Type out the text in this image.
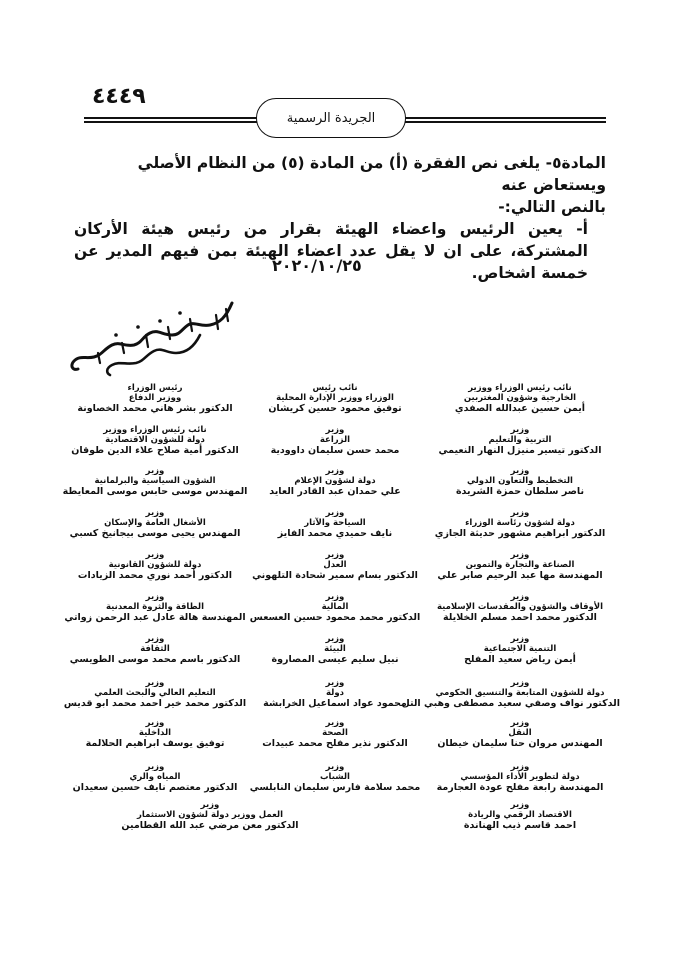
٤٤٤٩
الجريدة الرسمية

المادة٥- يلغى نص الفقرة (أ) من المادة (٥) من النظام الأصلي ويستعاض عنه

بالنص التالي:-

أ- يعين الرئيس واعضاء الهيئة بقرار من رئيس هيئة الأركان المشتركة، على ان لا يقل عدد اعضاء الهيئة بمن فيهم المدير عن خمسة اشخاص.

٢٠٢٠/١٠/٢٥
نائب رئيس الوزراء ووزير
الخارجية وشؤون المغتربين
أيمن حسين عبدالله الصفدي
نائب رئيس
الوزراء ووزير الإدارة المحلية
توفيق محمود حسين كريشان
رئيس الوزراء
ووزير الدفاع
الدكتور بشر هاني محمد الخصاونة
وزير
التربية والتعليم
الدكتور تيسير منيزل النهار النعيمي
وزير
الزراعة
محمد حسن سليمان داوودية
نائب رئيس الوزراء ووزير
دولة للشؤون الاقتصادية
الدكتور أمية صلاح علاء الدين طوقان
وزير
التخطيط والتعاون الدولي
ناصر سلطان حمزة الشريدة
وزير
دولة لشؤون الإعلام
علي حمدان عبد القادر العايد
وزير
الشؤون السياسية والبرلمانية
المهندس موسى حابس موسى المعايطة
وزير
دولة لشؤون رئاسة الوزراء
الدكتور ابراهيم مشهور حديثة الجازي
وزير
السياحة والآثار
نايف حميدي محمد الفايز
وزير
الأشغال العامة والإسكان
المهندس يحيى موسى بيجانيخ كسبي
وزير
الصناعة والتجارة والتموين
المهندسة مها عبد الرحيم صابر علي
وزير
العدل
الدكتور بسام سمير شحادة التلهوني
وزير
دولة للشؤون القانونية
الدكتور أحمد نوري محمد الزيادات
وزير
الأوقاف والشؤون والمقدسات الإسلامية
الدكتور محمد احمد مسلم الخلايلة
وزير
المالية
الدكتور محمد محمود حسين العسعس
وزير
الطاقة والثروة المعدنية
المهندسة هالة عادل عبد الرحمن زواتي
وزير
التنمية الاجتماعية
أيمن رياض سعيد المفلح
وزير
البيئة
نبيل سليم عيسى المصاروة
وزير
الثقافة
الدكتور باسم محمد موسى الطويسي
وزير
دولة للشؤون المتابعة والتنسيق الحكومي
الدكتور نواف وصفي سعيد مصطفى وهبي التل
وزير
دولة
محمود عواد اسماعيل الخرابشة
وزير
التعليم العالي والبحث العلمي
الدكتور محمد خير احمد محمد ابو قديس
وزير
النقل
المهندس مروان حنا سليمان خيطان
وزير
الصحة
الدكتور نذير مفلح محمد عبيدات
وزير
الداخلية
توفيق يوسف ابراهيم الحلالمة
وزير
دولة لتطوير الأداء المؤسسي
المهندسة رابعة مفلح عودة العجارمة
وزير
الشباب
محمد سلامة فارس سليمان النابلسي
وزير
المياه والري
الدكتور معتصم نايف حسين سعيدان
وزير
الاقتصاد الرقمي والريادة
احمد قاسم ذيب الهناندة
وزير
العمل ووزير دولة لشؤون الاستثمار
الدكتور معن مرضي عبد الله القطامين
